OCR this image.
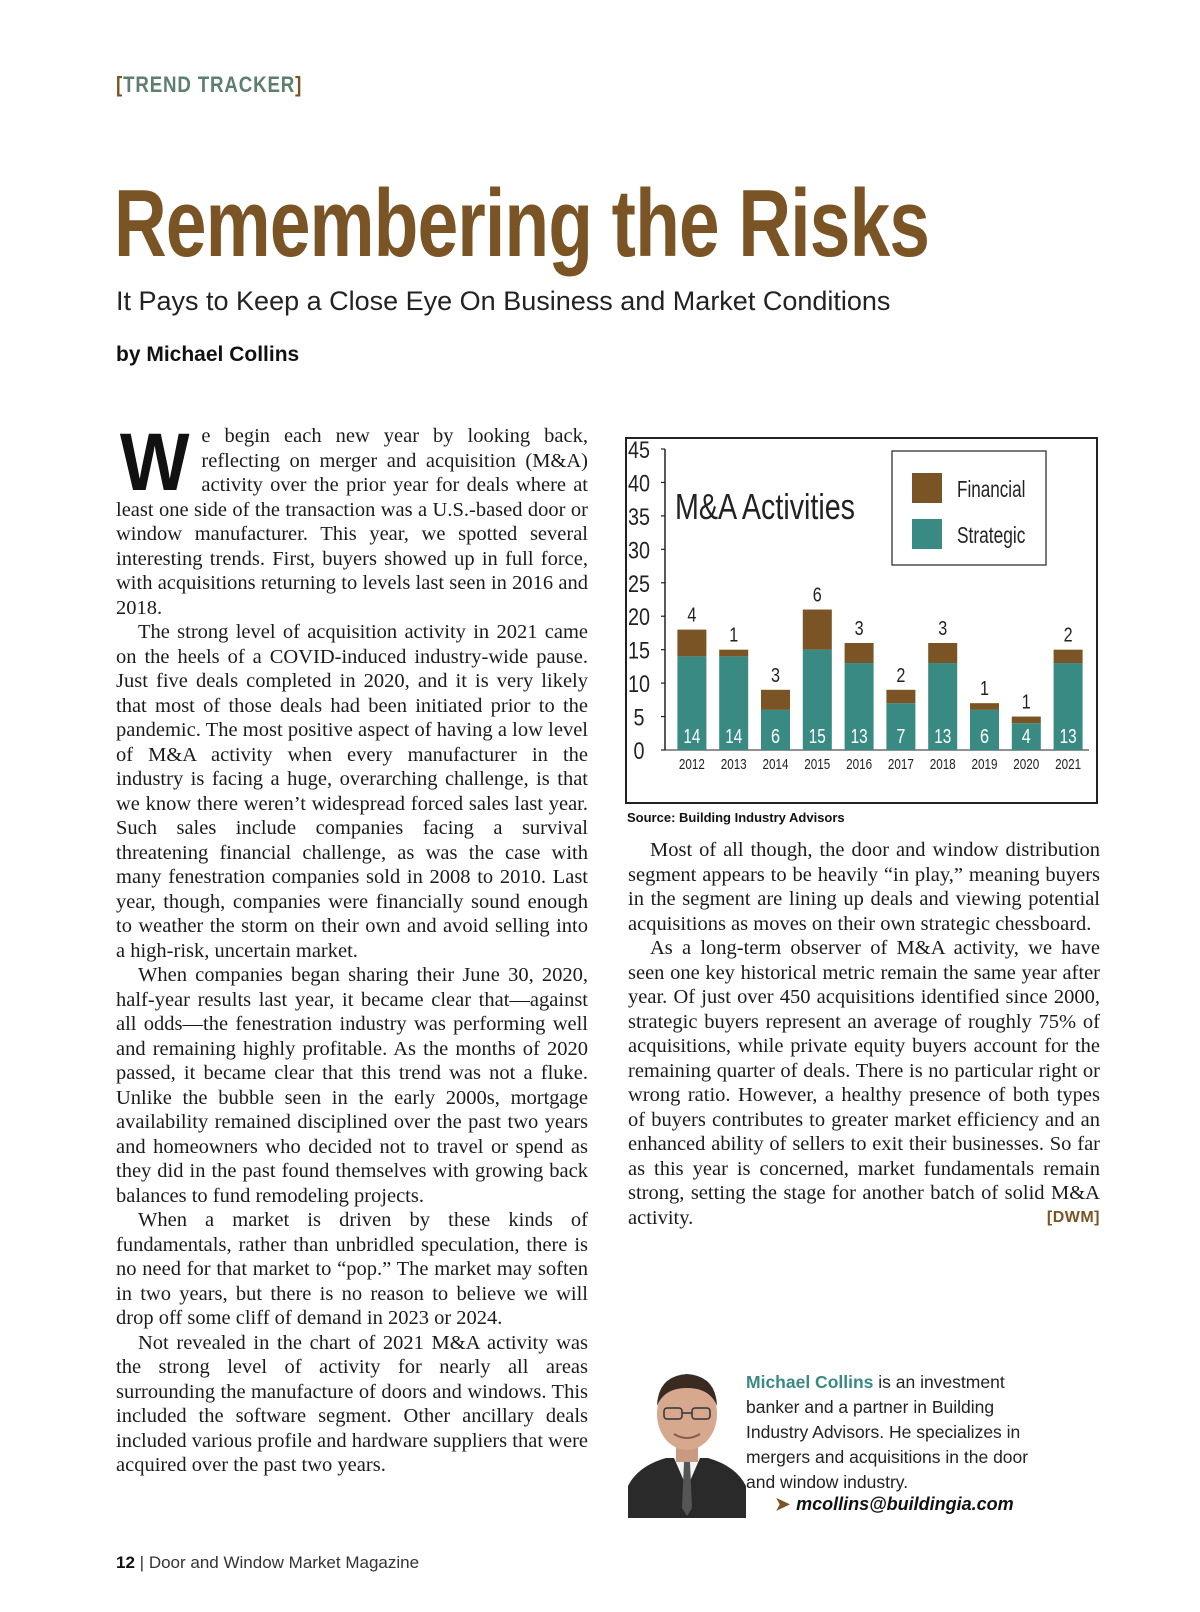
[TREND TRACKER]
Remembering the Risks
It Pays to Keep a Close Eye On Business and Market Conditions
by Michael Collins

We begin each new year by looking back, reflecting on merger and acquisition (M&A) activity over the prior year for deals where at least one side of the transaction was a U.S.-based door or window manufacturer. This year, we spotted several interesting trends. First, buyers showed up in full force, with acquisitions returning to levels last seen in 2016 and 2018.

The strong level of acquisition activity in 2021 came on the heels of a COVID-induced industry-wide pause. Just five deals completed in 2020, and it is very likely that most of those deals had been initiated prior to the pandemic. The most positive aspect of having a low level of M&A activity when every manufacturer in the industry is facing a huge, overarching challenge, is that we know there weren’t widespread forced sales last year. Such sales include companies facing a survival threatening financial challenge, as was the case with many fenestration companies sold in 2008 to 2010. Last year, though, companies were financially sound enough to weather the storm on their own and avoid selling into a high-risk, uncertain market.

When companies began sharing their June 30, 2020, half-year results last year, it became clear that—against all odds—the fenestration industry was performing well and remaining highly profitable. As the months of 2020 passed, it became clear that this trend was not a fluke. Unlike the bubble seen in the early 2000s, mortgage availability remained disciplined over the past two years and homeowners who decided not to travel or spend as they did in the past found themselves with growing back balances to fund remodeling projects.

When a market is driven by these kinds of fundamentals, rather than unbridled speculation, there is no need for that market to “pop.” The market may soften in two years, but there is no reason to believe we will drop off some cliff of demand in 2023 or 2024.

Not revealed in the chart of 2021 M&A activity was the strong level of activity for nearly all areas surrounding the manufacture of doors and windows. This included the software segment. Other ancillary deals included various profile and hardware suppliers that were acquired over the past two years.

0
5
10
15
20
25
30
35
40
45
M&A Activities	Financial
Strategic
14
4
2012
14
1
2013
6
3
2014
15
6
2015
13
3
2016
7
2
2017
13
3
2018
6
1
2019
4
1
2020
13
2
2021
Source: Building Industry Advisors

Most of all though, the door and window distribution segment appears to be heavily “in play,” meaning buyers in the segment are lining up deals and viewing potential acquisitions as moves on their own strategic chessboard.

As a long-term observer of M&A activity, we have seen one key historical metric remain the same year after year. Of just over 450 acquisitions identified since 2000, strategic buyers represent an average of roughly 75% of acquisitions, while private equity buyers account for the remaining quarter of deals. There is no particular right or wrong ratio. However, a healthy presence of both types of buyers contributes to greater market efficiency and an enhanced ability of sellers to exit their businesses. So far as this year is concerned, market fundamentals remain strong, setting the stage for another batch of solid M&A activity.	[DWM]

Michael Collins is an investment banker and a partner in Building Industry Advisors. He specializes in mergers and acquisitions in the door and window industry.
➤ mcollins@buildingia.com
12 | Door and Window Market Magazine
